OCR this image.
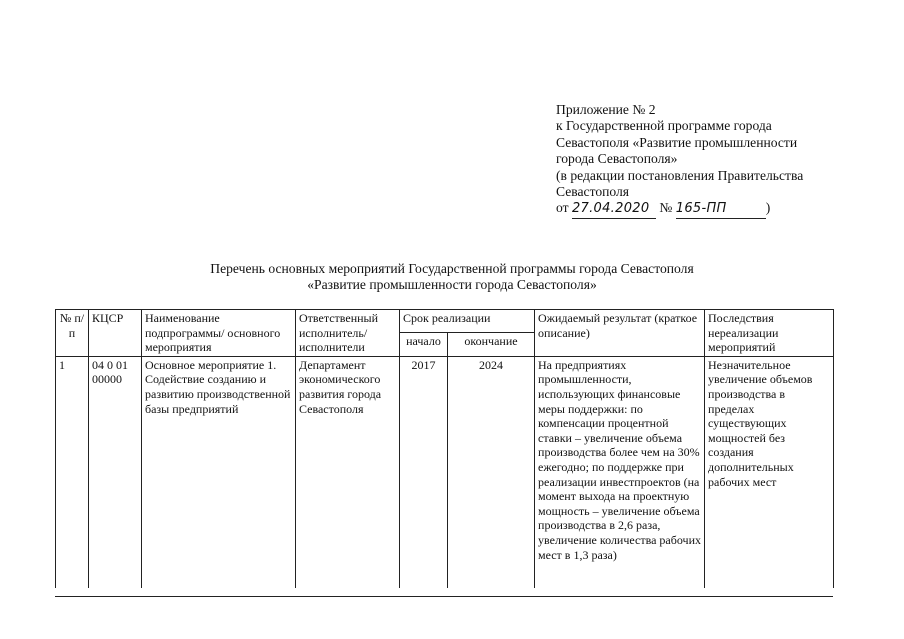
Приложение № 2
к Государственной программе города
Севастополя «Развитие промышленности
города Севастополя»
(в редакции постановления Правительства
Севастополя
от 27.04.2020 № 165-ПП	)
Перечень основных мероприятий Государственной программы города Севастополя
«Развитие промышленности города Севастополя»
№ п/п	КЦСР	Наименование подпрограммы/ основного мероприятия	Ответственный исполнитель/ исполнители	Срок реализации		Ожидаемый результат (краткое описание)	Последствия нереализации мероприятий
				начало	окончание		
1	04 0 01 00000	Основное мероприятие 1. Содействие созданию и развитию производственной базы предприятий	Департамент экономического развития города Севастополя	2017	2024	На предприятиях промышленности, использующих финансовые меры поддержки: по компенсации процентной ставки – увеличение объема производства более чем на 30% ежегодно; по поддержке при реализации инвестпроектов (на момент выхода на проектную мощность – увеличение объема производства в 2,6 раза, увеличение количества рабочих мест в 1,3 раза)	Незначительное увеличение объемов производства в пределах существующих мощностей без создания дополнительных рабочих мест
